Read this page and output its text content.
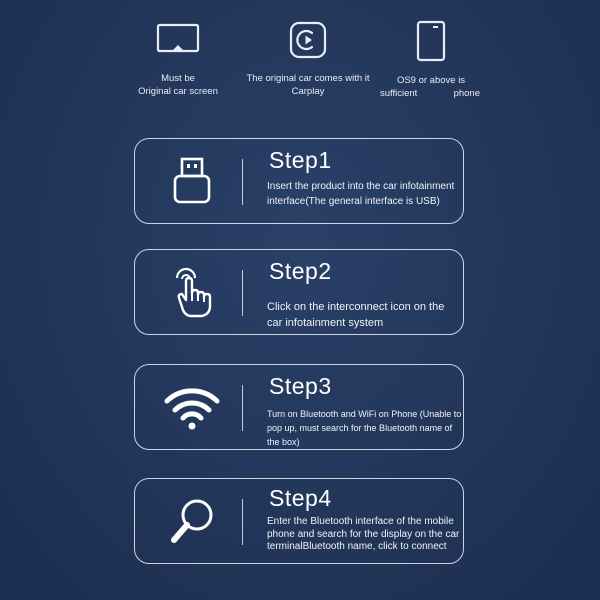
Must be
Original car screen
The original car comes with it
Carplay
OS9 or above is
sufficient	phone
Step1
Insert the product into the car infotainment interface(The general interface is USB)
Step2
Click on the interconnect icon on the car infotainment system
Step3
Turn on Bluetooth and WiFi on Phone (Unable to pop up, must search for the Bluetooth name of the box)
Step4
Enter the Bluetooth interface of the mobile phone and search for the display on the car terminalBluetooth name, click to connect
